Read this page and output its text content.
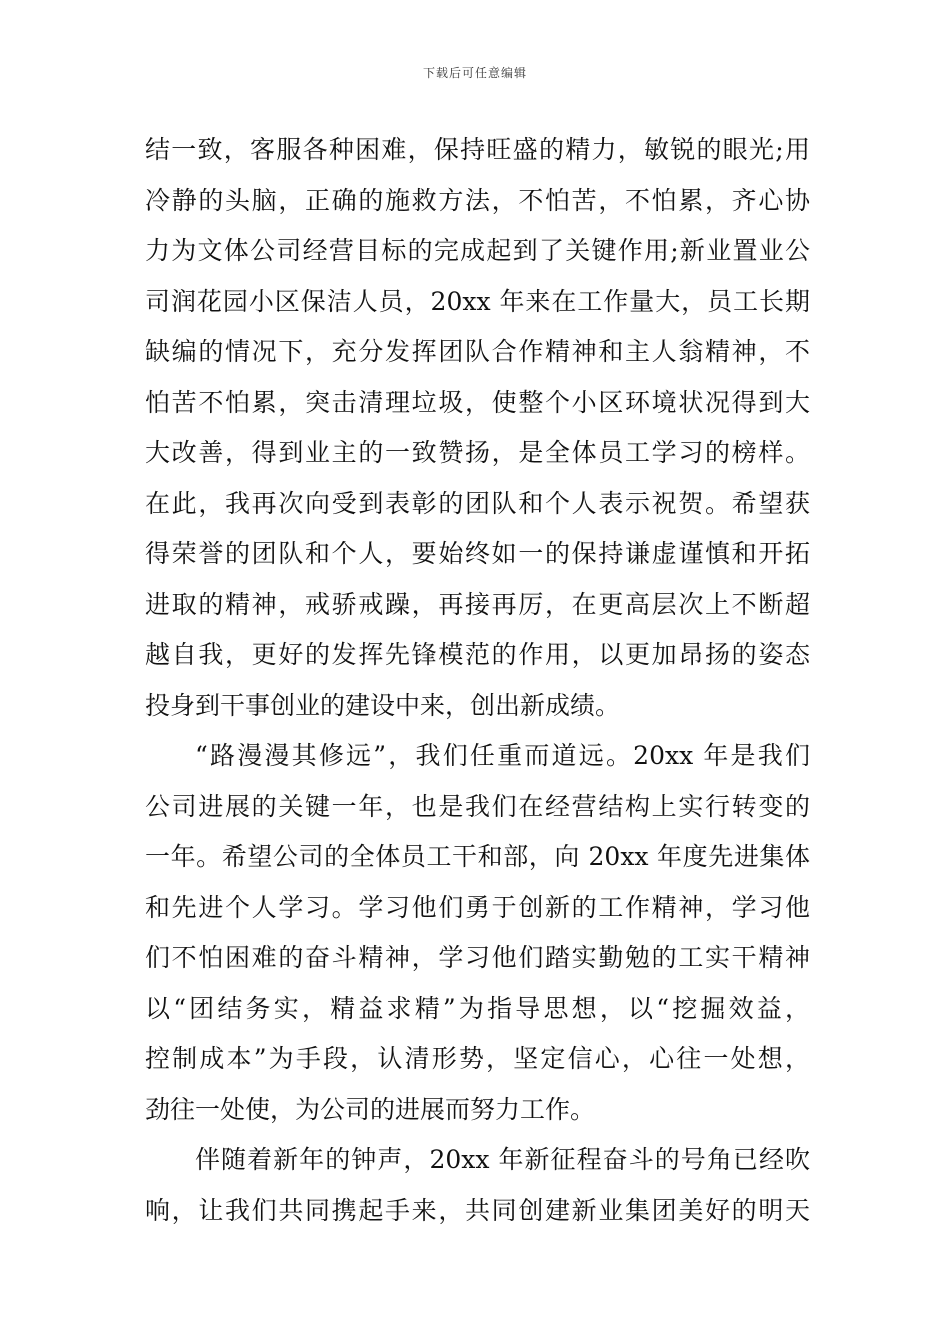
下载后可任意编辑
结一致，客服各种困难，保持旺盛的精力，敏锐的眼光;用
冷静的头脑，正确的施救方法，不怕苦，不怕累，齐心协
力为文体公司经营目标的完成起到了关键作用;新业置业公
司润花园小区保洁人员，20xx 年来在工作量大，员工长期
缺编的情况下，充分发挥团队合作精神和主人翁精神，不
怕苦不怕累，突击清理垃圾，使整个小区环境状况得到大
大改善，得到业主的一致赞扬，是全体员工学习的榜样。
在此，我再次向受到表彰的团队和个人表示祝贺。希望获
得荣誉的团队和个人，要始终如一的保持谦虚谨慎和开拓
进取的精神，戒骄戒躁，再接再厉，在更高层次上不断超
越自我，更好的发挥先锋模范的作用，以更加昂扬的姿态
投身到干事创业的建设中来，创出新成绩。
“路漫漫其修远”，我们任重而道远。20xx 年是我们
公司进展的关键一年，也是我们在经营结构上实行转变的
一年。希望公司的全体员工干和部，向 20xx 年度先进集体
和先进个人学习。学习他们勇于创新的工作精神，学习他
们不怕困难的奋斗精神，学习他们踏实勤勉的工实干精神
以“团结务实，精益求精”为指导思想，以“挖掘效益，
控制成本”为手段，认清形势，坚定信心，心往一处想，
劲往一处使，为公司的进展而努力工作。
伴随着新年的钟声，20xx 年新征程奋斗的号角已经吹
响，让我们共同携起手来，共同创建新业集团美好的明天
